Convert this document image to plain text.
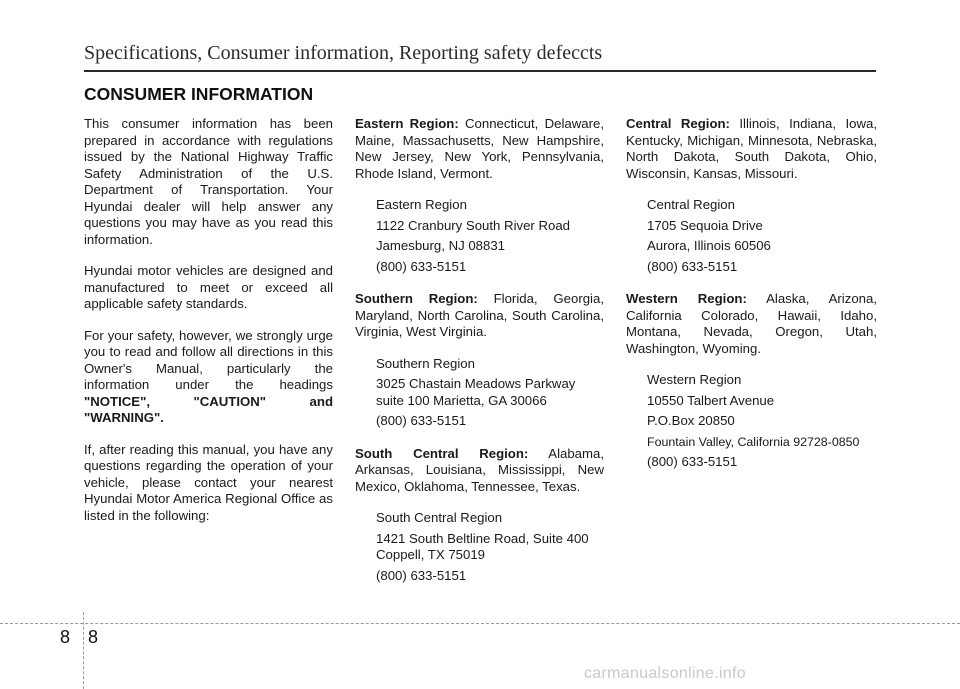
Specifications, Consumer information, Reporting safety defeccts
CONSUMER INFORMATION

This consumer information has been prepared in accordance with regulations issued by the National Highway Traffic Safety Administration of the U.S. Department of Transportation. Your Hyundai dealer will help answer any questions you may have as you read this information.

Hyundai motor vehicles are designed and manufactured to meet or exceed all applicable safety standards.

For your safety, however, we strongly urge you to read and follow all directions in this Owner's Manual, particularly the information under the headings "NOTICE", "CAUTION" and "WARNING".

If, after reading this manual, you have any questions regarding the operation of your vehicle, please contact your nearest Hyundai Motor America Regional Office as listed in the following:

Eastern Region: Connecticut, Delaware, Maine, Massachusetts, New Hampshire, New Jersey, New York, Pennsylvania, Rhode Island, Vermont.

Eastern Region
1122 Cranbury South River Road
Jamesburg, NJ 08831
(800) 633-5151

Southern Region: Florida, Georgia, Maryland, North Carolina, South Carolina, Virginia, West Virginia.

Southern Region
3025 Chastain Meadows Parkway
suite 100 Marietta, GA 30066
(800) 633-5151

South Central Region: Alabama, Arkansas, Louisiana, Mississippi, New Mexico, Oklahoma, Tennessee, Texas.

South Central Region
1421 South Beltline Road, Suite 400
Coppell, TX 75019
(800) 633-5151

Central Region: Illinois, Indiana, Iowa, Kentucky, Michigan, Minnesota, Nebraska, North Dakota, South Dakota, Ohio, Wisconsin, Kansas, Missouri.

Central Region
1705 Sequoia Drive
Aurora, Illinois 60506
(800) 633-5151

Western Region: Alaska, Arizona, California Colorado, Hawaii, Idaho, Montana, Nevada, Oregon, Utah, Washington, Wyoming.

Western Region
10550 Talbert Avenue
P.O.Box 20850
Fountain Valley, California 92728-0850
(800) 633-5151
8 8
carmanualsonline.info
